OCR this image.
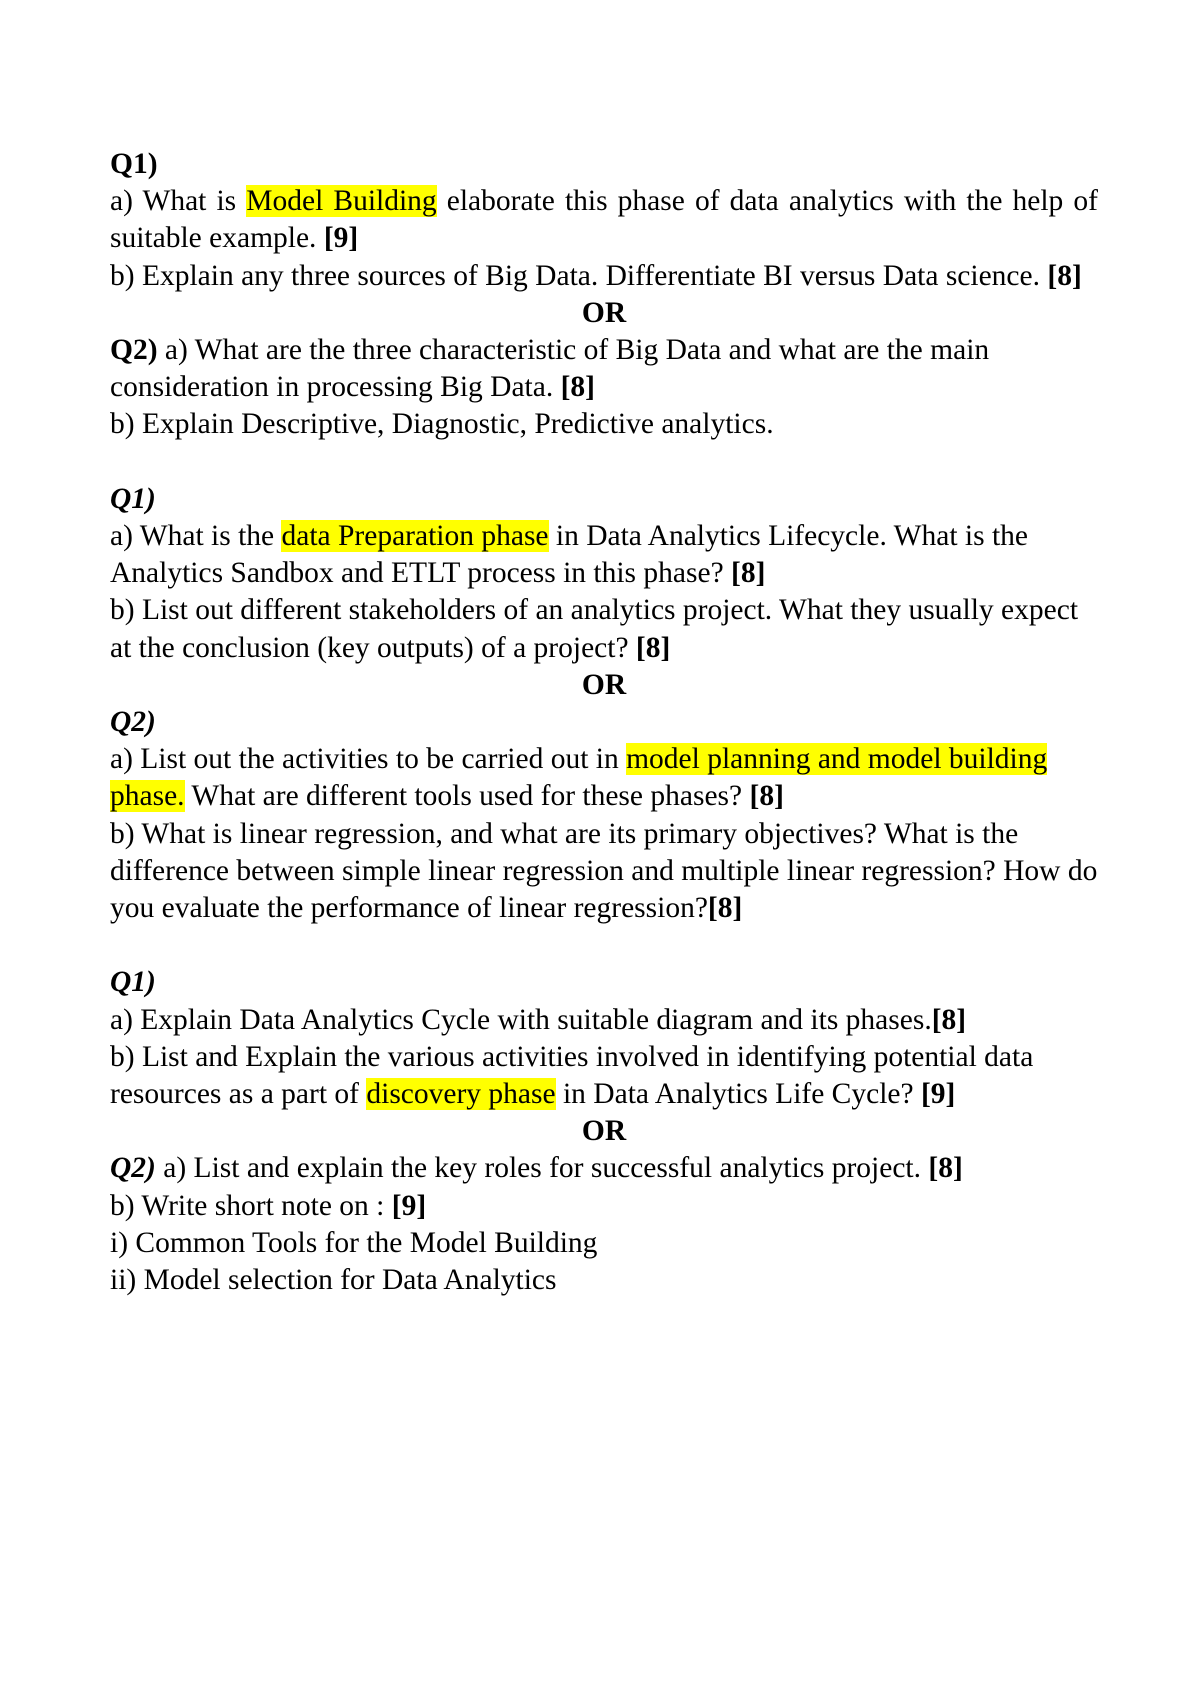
Q1)
a) What is Model Building elaborate this phase of data analytics with the help of suitable example. [9]
b) Explain any three sources of Big Data. Differentiate BI versus Data science. [8]
OR
Q2) a) What are the three characteristic of Big Data and what are the main consideration in processing Big Data. [8]
b) Explain Descriptive, Diagnostic, Predictive analytics.
Q1)
a) What is the data Preparation phase in Data Analytics Lifecycle. What is the Analytics Sandbox and ETLT process in this phase? [8]
b) List out different stakeholders of an analytics project. What they usually expect at the conclusion (key outputs) of a project? [8]
OR
Q2)
a) List out the activities to be carried out in model planning and model building phase. What are different tools used for these phases? [8]
b) What is linear regression, and what are its primary objectives? What is the difference between simple linear regression and multiple linear regression? How do you evaluate the performance of linear regression?[8]
Q1)
a) Explain Data Analytics Cycle with suitable diagram and its phases.[8]
b) List and Explain the various activities involved in identifying potential data resources as a part of discovery phase in Data Analytics Life Cycle? [9]
OR
Q2) a) List and explain the key roles for successful analytics project. [8]
b) Write short note on : [9]
i) Common Tools for the Model Building
ii) Model selection for Data Analytics
